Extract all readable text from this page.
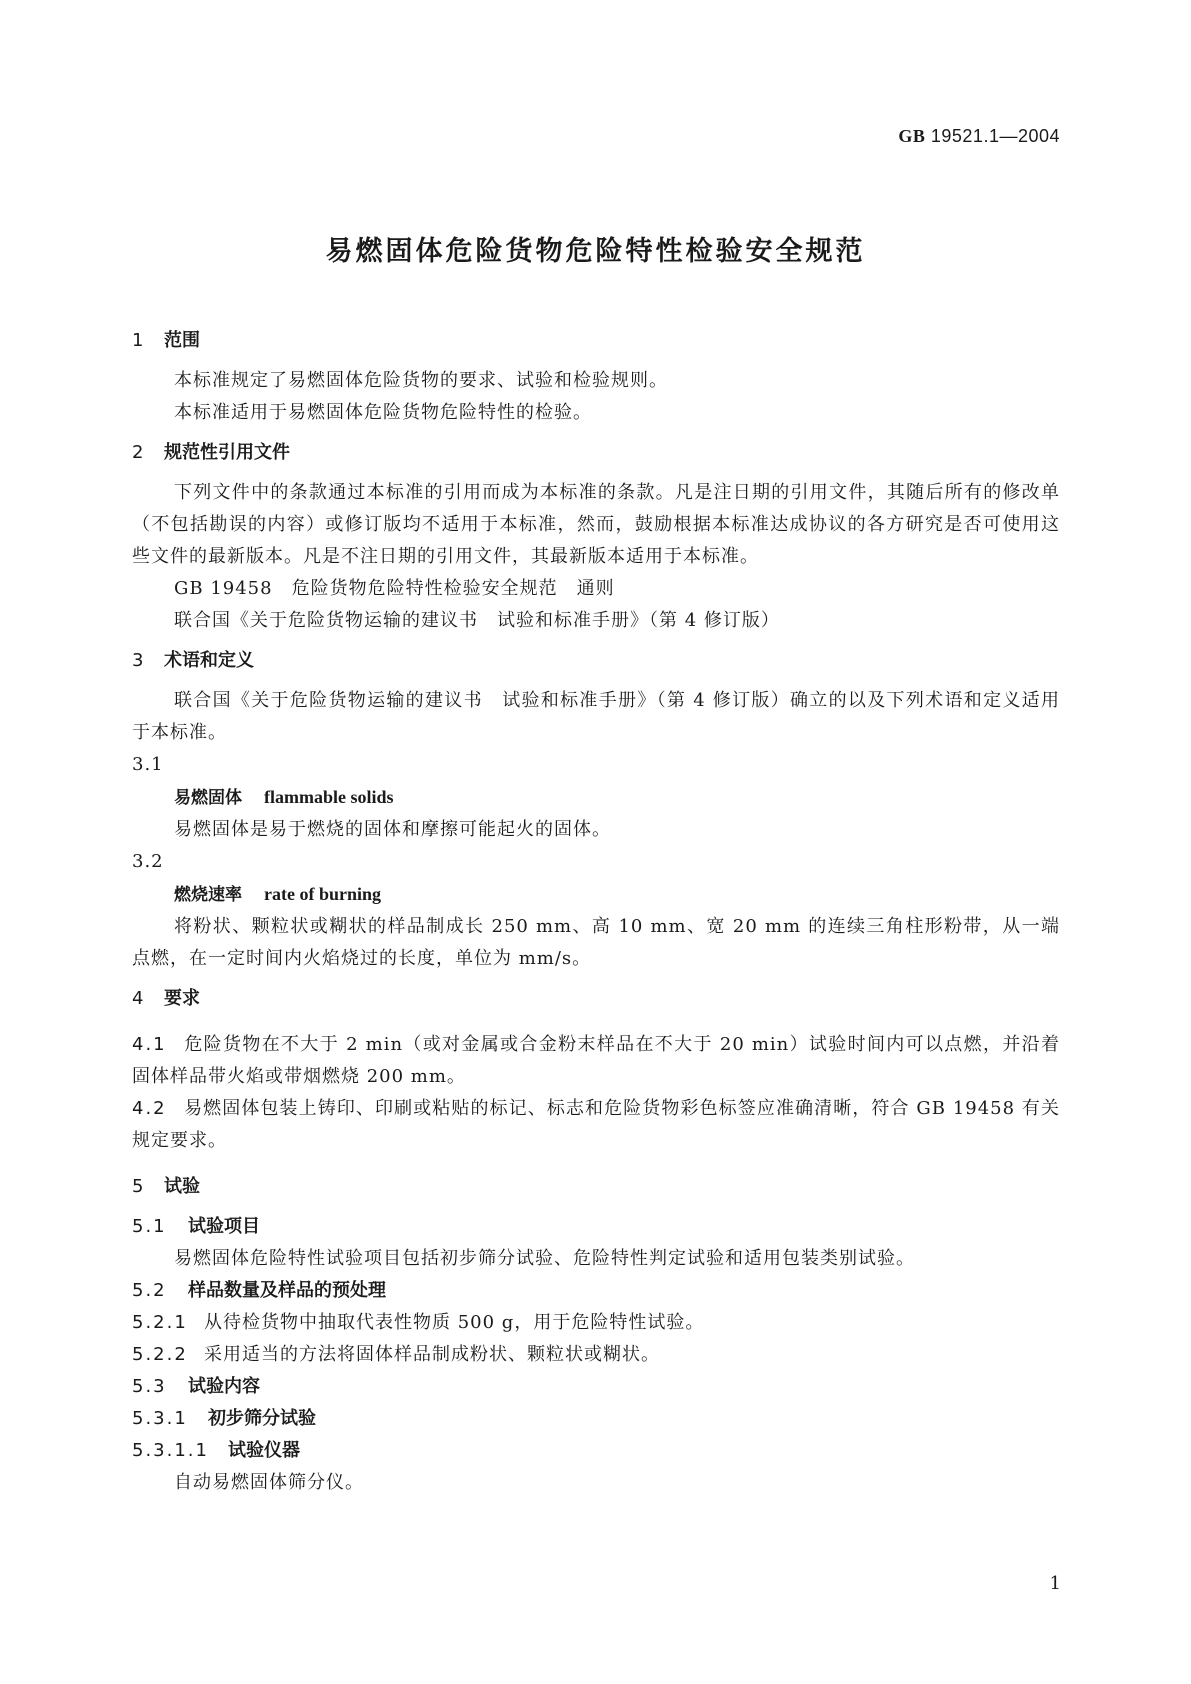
GB 19521.1—2004
易燃固体危险货物危险特性检验安全规范
1 范围
本标准规定了易燃固体危险货物的要求、试验和检验规则。
本标准适用于易燃固体危险货物危险特性的检验。
2 规范性引用文件
下列文件中的条款通过本标准的引用而成为本标准的条款。凡是注日期的引用文件，其随后所有的修改单（不包括勘误的内容）或修订版均不适用于本标准，然而，鼓励根据本标准达成协议的各方研究是否可使用这些文件的最新版本。凡是不注日期的引用文件，其最新版本适用于本标准。
GB 19458　危险货物危险特性检验安全规范　通则
联合国《关于危险货物运输的建议书　试验和标准手册》（第 4 修订版）
3 术语和定义
联合国《关于危险货物运输的建议书　试验和标准手册》（第 4 修订版）确立的以及下列术语和定义适用于本标准。
3.1
易燃固体 flammable solids
易燃固体是易于燃烧的固体和摩擦可能起火的固体。
3.2
燃烧速率 rate of burning
将粉状、颗粒状或糊状的样品制成长 250 mm、高 10 mm、宽 20 mm 的连续三角柱形粉带，从一端点燃，在一定时间内火焰烧过的长度，单位为 mm/s。
4 要求
4.1 危险货物在不大于 2 min（或对金属或合金粉末样品在不大于 20 min）试验时间内可以点燃，并沿着固体样品带火焰或带烟燃烧 200 mm。
4.2 易燃固体包装上铸印、印刷或粘贴的标记、标志和危险货物彩色标签应准确清晰，符合 GB 19458 有关规定要求。
5 试验
5.1 试验项目
易燃固体危险特性试验项目包括初步筛分试验、危险特性判定试验和适用包装类别试验。
5.2 样品数量及样品的预处理
5.2.1 从待检货物中抽取代表性物质 500 g，用于危险特性试验。
5.2.2 采用适当的方法将固体样品制成粉状、颗粒状或糊状。
5.3 试验内容
5.3.1 初步筛分试验
5.3.1.1 试验仪器
自动易燃固体筛分仪。
1
